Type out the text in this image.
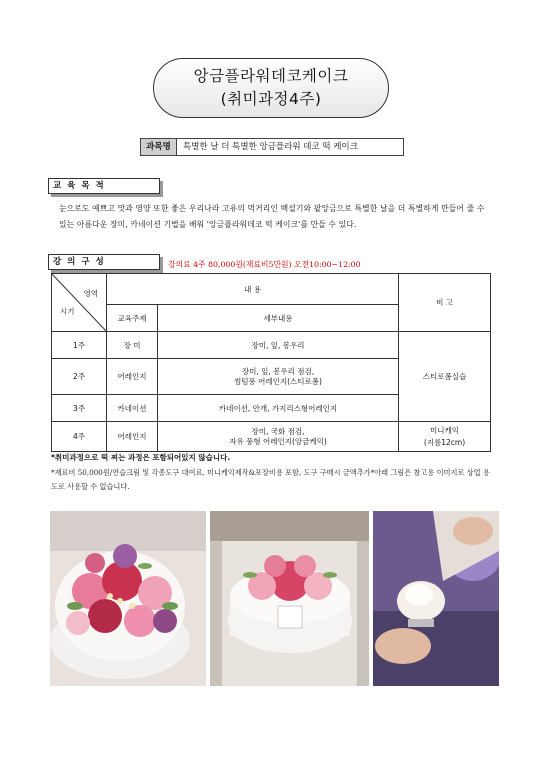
앙금플라워데코케이크
(취미과정4주)
과목명	특별한 날 더 특별한 앙금플라워 데코 떡 케이크
교 육 목 적
눈으로도 예쁘고 맛과 영양 또한 좋은 우리나라 고유의 먹거리인 백설기와 팥앙금으로 특별한 날을 더 특별하게 만들어 줄 수 있는 아름다운 장미, 카네이션 기법을 배워 '앙금플라워데코 떡 케이크'를 만들 수 있다.
강 의 구 성	강의료 4주 80,000원(재료비5만원) 오전10:00~12:00
영역
시기	내 용		비 고
	교육주제	세부내용	
1주	장 미	장미, 잎, 봉우리	스티로폼실습
2주	어레인지	장미, 잎, 봉우리 점검,
썸텀풍 어레인지(스티로폼)	
3주	카네이션	카네이션, 안개, 가지리스형어레인지	
4주	어레인지	장미, 국화 점검,
자유 풍형 어레인지(앙금케익)	미니케익
(지름12cm)
*취미과정으로 떡 찌는 과정은 포함되어있지 않습니다.
*재료비 50,000원/연습크림 및 각종도구 대여료, 미니케익제작&포장비용 포함, 도구 구매시 금액추가*아래 그림은 참고용 이미지로 상업 용도로 사용할 수 없습니다.
